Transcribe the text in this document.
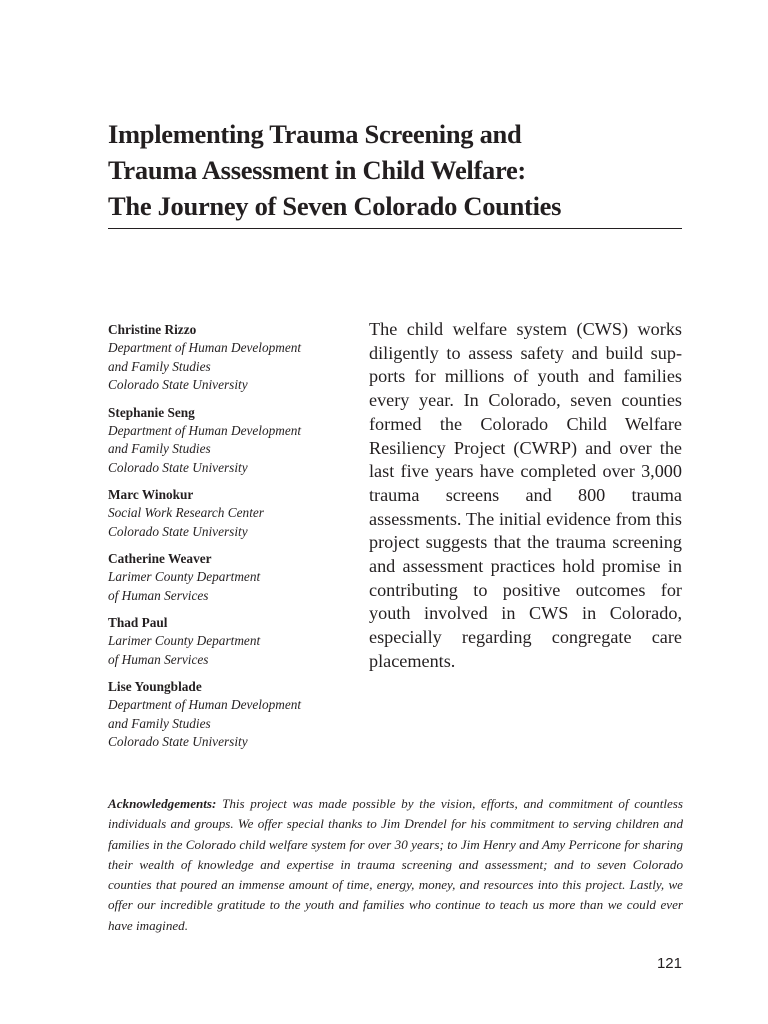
Implementing Trauma Screening and
Trauma Assessment in Child Welfare:
The Journey of Seven Colorado Counties
Christine Rizzo
Department of Human Development
and Family Studies
Colorado State University
Stephanie Seng
Department of Human Development
and Family Studies
Colorado State University
Marc Winokur
Social Work Research Center
Colorado State University
Catherine Weaver
Larimer County Department
of Human Services
Thad Paul
Larimer County Department
of Human Services
Lise Youngblade
Department of Human Development
and Family Studies
Colorado State University

The child welfare system (CWS) works diligently to assess safety and build supports for millions of youth and families every year. In Colorado, seven counties formed the Colorado Child Welfare Resiliency Project (CWRP) and over the last five years have completed over 3,000 trauma screens and 800 trauma assessments. The initial evidence from this project suggests that the trauma screening and assessment practices hold promise in contributing to positive outcomes for youth involved in CWS in Colorado, especially regarding congregate care placements.

Acknowledgements: This project was made possible by the vision, efforts, and commitment of countless individuals and groups. We offer special thanks to Jim Drendel for his commitment to serving children and families in the Colorado child welfare system for over 30 years; to Jim Henry and Amy Perricone for sharing their wealth of knowledge and expertise in trauma screening and assessment; and to seven Colorado counties that poured an immense amount of time, energy, money, and resources into this project. Lastly, we offer our incredible gratitude to the youth and families who continue to teach us more than we could ever have imagined.

121
